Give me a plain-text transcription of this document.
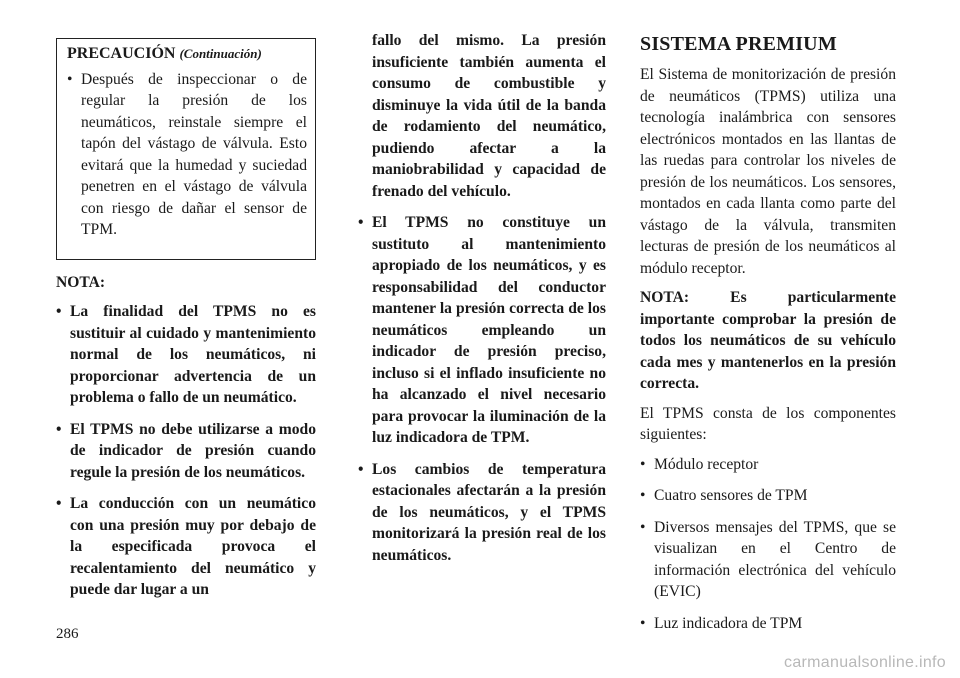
PRECAUCIÓN (Continuación)
• Después de inspeccionar o de regular la presión de los neumáticos, reinstale siempre el tapón del vástago de válvula. Esto evitará que la humedad y suciedad penetren en el vástago de válvula con riesgo de dañar el sensor de TPM.
NOTA:
• La finalidad del TPMS no es sustituir al cuidado y mantenimiento normal de los neumáticos, ni proporcionar advertencia de un problema o fallo de un neumático.
• El TPMS no debe utilizarse a modo de indicador de presión cuando regule la presión de los neumáticos.
• La conducción con un neumático con una presión muy por debajo de la especificada provoca el recalentamiento del neumático y puede dar lugar a un
fallo del mismo. La presión insuficiente también aumenta el consumo de combustible y disminuye la vida útil de la banda de rodamiento del neumático, pudiendo afectar a la maniobrabilidad y capacidad de frenado del vehículo.
• El TPMS no constituye un sustituto al mantenimiento apropiado de los neumáticos, y es responsabilidad del conductor mantener la presión correcta de los neumáticos empleando un indicador de presión preciso, incluso si el inflado insuficiente no ha alcanzado el nivel necesario para provocar la iluminación de la luz indicadora de TPM.
• Los cambios de temperatura estacionales afectarán a la presión de los neumáticos, y el TPMS monitorizará la presión real de los neumáticos.
SISTEMA PREMIUM
El Sistema de monitorización de presión de neumáticos (TPMS) utiliza una tecnología inalámbrica con sensores electrónicos montados en las llantas de las ruedas para controlar los niveles de presión de los neumáticos. Los sensores, montados en cada llanta como parte del vástago de la válvula, transmiten lecturas de presión de los neumáticos al módulo receptor.
NOTA: Es particularmente importante comprobar la presión de todos los neumáticos de su vehículo cada mes y mantenerlos en la presión correcta.
El TPMS consta de los componentes siguientes:
• Módulo receptor
• Cuatro sensores de TPM
• Diversos mensajes del TPMS, que se visualizan en el Centro de información electrónica del vehículo (EVIC)
• Luz indicadora de TPM
286
carmanualsonline.info
